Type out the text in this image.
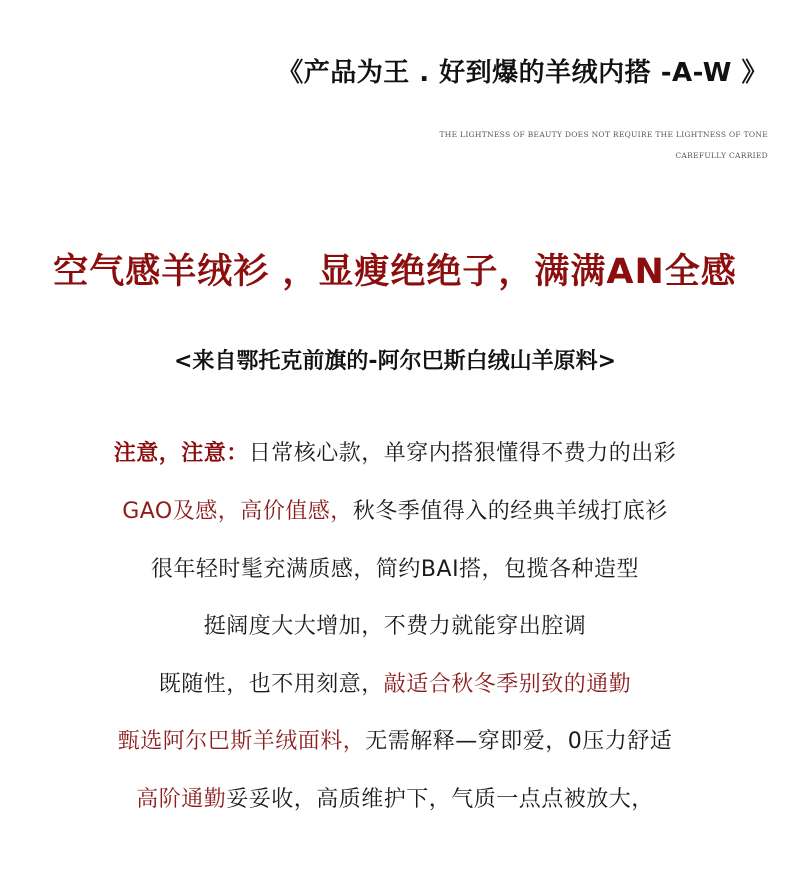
《产品为王 . 好到爆的羊绒内搭 -A-W 》
THE LIGHTNESS OF BEAUTY DOES NOT REQUIRE THE LIGHTNESS OF TONE
CAREFULLY CARRIED
空气感羊绒衫 ，显瘦绝绝子，满满AN全感
<来自鄂托克前旗的-阿尔巴斯白绒山羊原料>
注意，注意：日常核心款，单穿内搭狠懂得不费力的出彩
GAO及感，高价值感，秋冬季值得入的经典羊绒打底衫
很年轻时髦充满质感，简约BAI搭，包揽各种造型
挺阔度大大增加，不费力就能穿出腔调
既随性，也不用刻意，敲适合秋冬季别致的通勤
甄选阿尔巴斯羊绒面料，无需解释—穿即爱，0压力舒适
高阶通勤妥妥收，高质维护下，气质一点点被放大，
